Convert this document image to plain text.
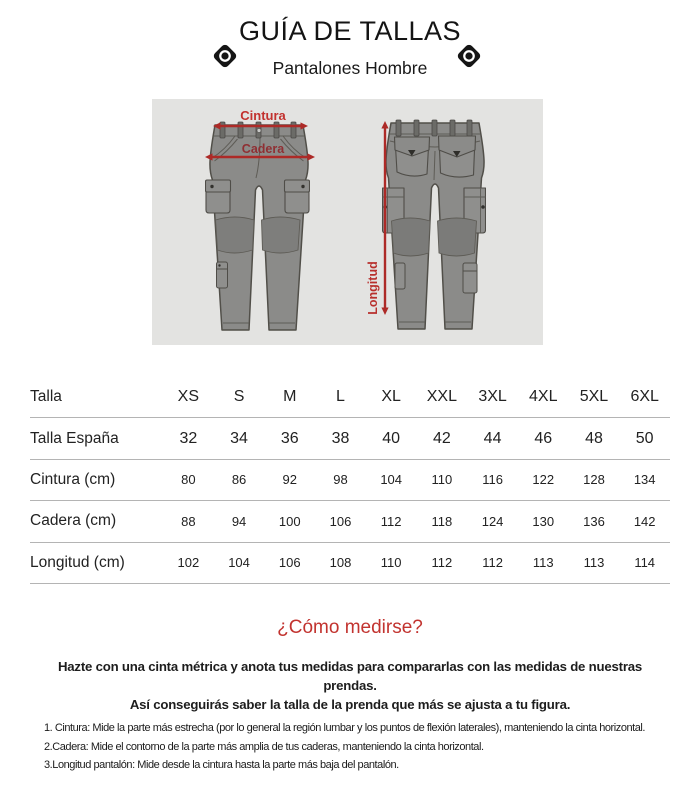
GUÍA DE TALLAS
Pantalones Hombre
Cintura
Cadera
Longitud
Talla	XS	S	M	L	XL	XXL	3XL	4XL	5XL	6XL
Talla España	32	34	36	38	40	42	44	46	48	50
Cintura (cm)	80	86	92	98	104	110	116	122	128	134
Cadera (cm)	88	94	100	106	112	118	124	130	136	142
Longitud (cm)	102	104	106	108	110	112	112	113	113	114
¿Cómo medirse?
Hazte con una cinta métrica y anota tus medidas para compararlas con las medidas de nuestras prendas.
Así conseguirás saber la talla de la prenda que más se ajusta a tu figura.
1. Cintura: Mide la parte más estrecha (por lo general la región lumbar y los puntos de flexión laterales), manteniendo la cinta horizontal.
2.Cadera: Mide el contorno de la parte más amplia de tus caderas, manteniendo la cinta horizontal.
3.Longitud pantalón: Mide desde la cintura hasta la parte más baja del pantalón.
